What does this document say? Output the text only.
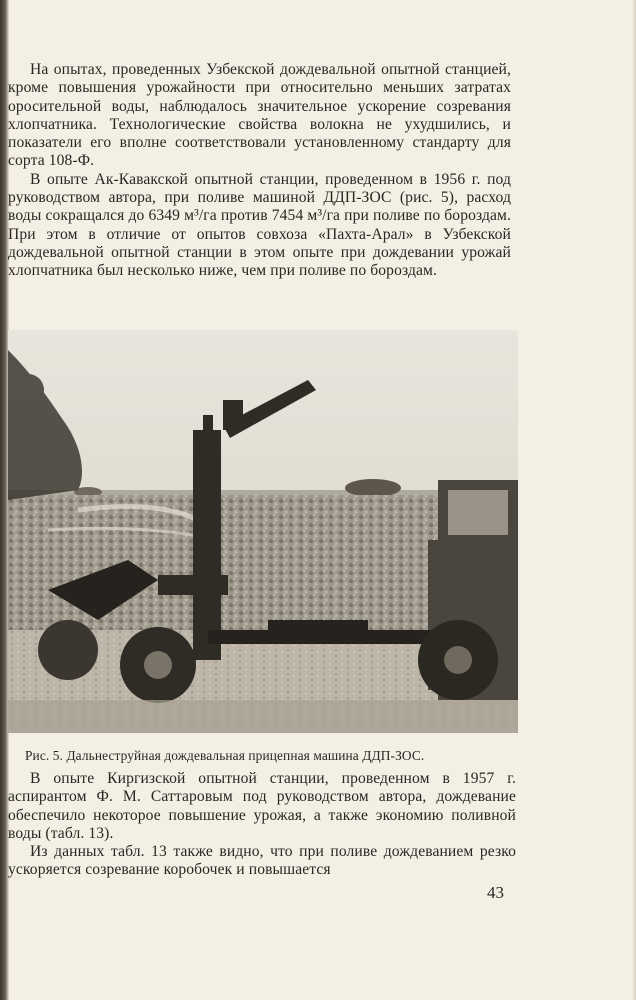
На опытах, проведенных Узбекской дождевальной опытной станцией, кроме повышения урожайности при относительно меньших затратах оросительной воды, наблюдалось значительное ускорение созревания хлопчатника. Технологические свойства волокна не ухудшились, и показатели его вполне соответствовали установленному стандарту для сорта 108-Ф.

В опыте Ак-Кавакской опытной станции, проведенном в 1956 г. под руководством автора, при поливе машиной ДДП-ЗОС (рис. 5), расход воды сокращался до 6349 м³/га против 7454 м³/га при поливе по бороздам. При этом в отличие от опытов совхоза «Пахта-Арал» в Узбекской дождевальной опытной станции в этом опыте при дождевании урожай хлопчатника был несколько ниже, чем при поливе по бороздам.

Рис. 5. Дальнеструйная дождевальная прицепная машина ДДП-ЗОС.

В опыте Киргизской опытной станции, проведенном в 1957 г. аспирантом Ф. М. Саттаровым под руководством автора, дождевание обеспечило некоторое повышение урожая, а также экономию поливной воды (табл. 13).

Из данных табл. 13 также видно, что при поливе дождеванием резко ускоряется созревание коробочек и повышается

43
